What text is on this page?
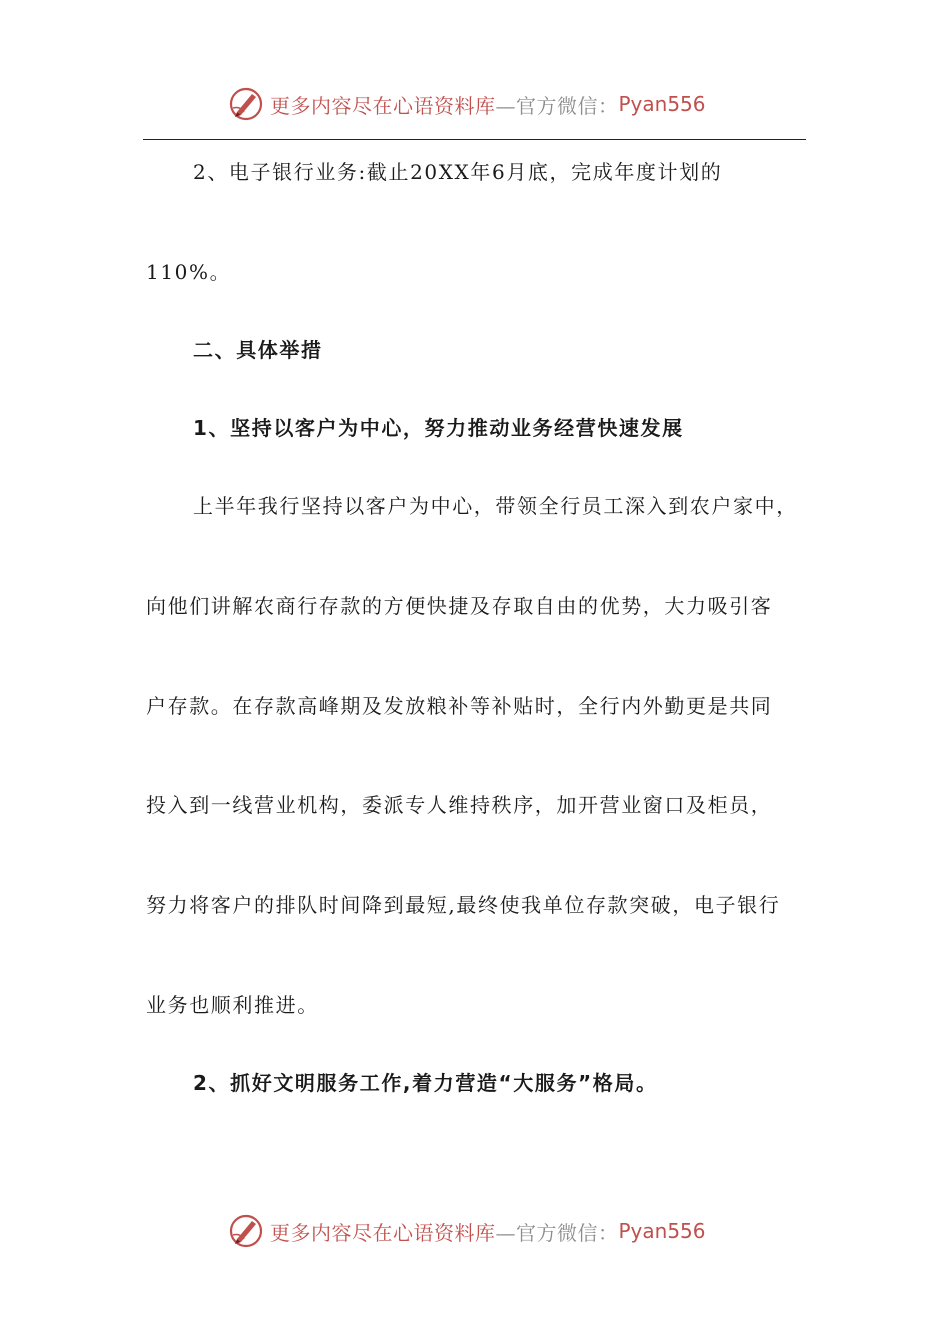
更多内容尽在心语资料库 —官方微信： Pyan556
2、电子银行业务:截止20XX年6月底，完成年度计划的
110%。
二、具体举措
1、坚持以客户为中心，努力推动业务经营快速发展
上半年我行坚持以客户为中心，带领全行员工深入到农户家中，
向他们讲解农商行存款的方便快捷及存取自由的优势，大力吸引客
户存款。在存款高峰期及发放粮补等补贴时，全行内外勤更是共同
投入到一线营业机构，委派专人维持秩序，加开营业窗口及柜员，
努力将客户的排队时间降到最短,最终使我单位存款突破，电子银行
业务也顺利推进。
2、抓好文明服务工作,着力营造“大服务”格局。
更多内容尽在心语资料库 —官方微信： Pyan556
